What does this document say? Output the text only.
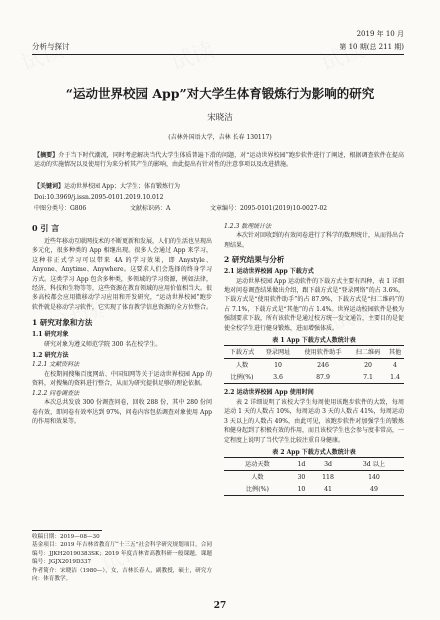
分析与探讨
2019 年 10 月
第 10 期(总 211 期)
“运动世界校园 App”对大学生体育锻炼行为影响的研究
宋晓洁
(吉林外国语大学，吉林 长春 130117)
【摘要】介于当下时代潮流，同时考虑解决当代大学生体质普遍下滑的问题，对“运动世界校园”跑步软件进行了阐述，根据调查软件在提高运动的实施情况以及使用行为来分析其产生的影响，由此提出有针对性的注意事项以及改进措施。
【关键词】运动世界校园 App；大学生；体育锻炼行为
Doi:10.3969/j.issn.2095-0101.2019.10.012
中图分类号：G806	文献标识码：A	文章编号：2095-0101(2019)10-0027-02
0 引 言
近些年移动互联网技术的不断更新和发展，人们的生活也呈现出多元化，很多种类的 App 相继出现。很多人会通过 App 来学习，这种非正式学习可以带来 4A 的学习效果，即 Anystyle、Anyone、Anytime、Anywhere。这要求人们会选择的终身学习方式。这类学习 App 包含多种类，多领域的学习资源，例如法律，经济，科技和生物等等，这些资源在教育领域的应用价值相当大。很多高校都会应用微移动学习应用和开发研究，“运动世界校园”跑步软件就是移动学习软件，它实现了体育教学信息资源的全方位整合。
1 研究对象和方法
1.1 研究对象
研究对象为遵义师范学院 300 名在校学生。
1.2 研究方法
1.2.1 文献资料法
在校期间搜集百度网站、中国知网等关于运动世界校园 App 的资料，对搜集的资料进行整合，从而为研究提供足够的理论依据。
1.2.2 问卷调查法
本次总共发放 300 份调查问卷，回收 288 份，其中 280 份问卷有效，即问卷有效率达到 97%，问卷内容包括调查对象使用 App 的作用和效果等。
收稿日期：2019—08—30
基金项目：2019 年吉林省教育厅“十三五”社会科学研究规划项目，合同编号：JJKH20190383SK；2019 年度吉林省高教科研一般课题，课题编号：JGJX2019D337
作者简介：宋晓洁（1980—），女，吉林长春人，副教授，硕士，研究方向：体育教学。
1.2.3 数理统计法
本次针对回收到的有效问卷进行了科学的数理统计，从而得出合理结果。
2 研究结果与分析
2.1 运动世界校园 App 下载方式
运动世界校园 App 运动软件的下载方式主要有四种，表 1 详细地对问卷调查结果做出介绍，跟下载方式是“登录网络”的占 3.6%，下载方式是“使用软件助手”的占 87.9%，下载方式是“扫二维码”的占 7.1%，下载方式是“其他”的占 1.4%。世界运动校园软件是极为强制要求下载，所有该软件是通过校方统一发文通告，主要目的是促使全校学生进行健身锻炼，进而增强体质。
表 1 App 下载方式人数统计表
下载方式	登录网址	使用软件助手	扫二维码	其他
人数	10	246	20	4
比例(%)	3.6	87.9	7.1	1.4
2.2 运动世界校园 App 使用时间
表 2 详细说明了该校大学生每周使用该跑步软件的大致，每周运动 1 天的人数占 10%，每周运动 3 天的人数占 41%，每周运动 3 天以上的人数占 49%，由此可见，该跑步软件对加强学生的锻炼和健身起到了积极有效的作用，而且该校学生也会参与度非常高，一定程度上说明了当代学生比较注重自身健康。
表 2 App 下载方式人数统计表
运动天数	1d	3d	3d 以上
人数	30	118	140
比例(%)	10	41	49
27
